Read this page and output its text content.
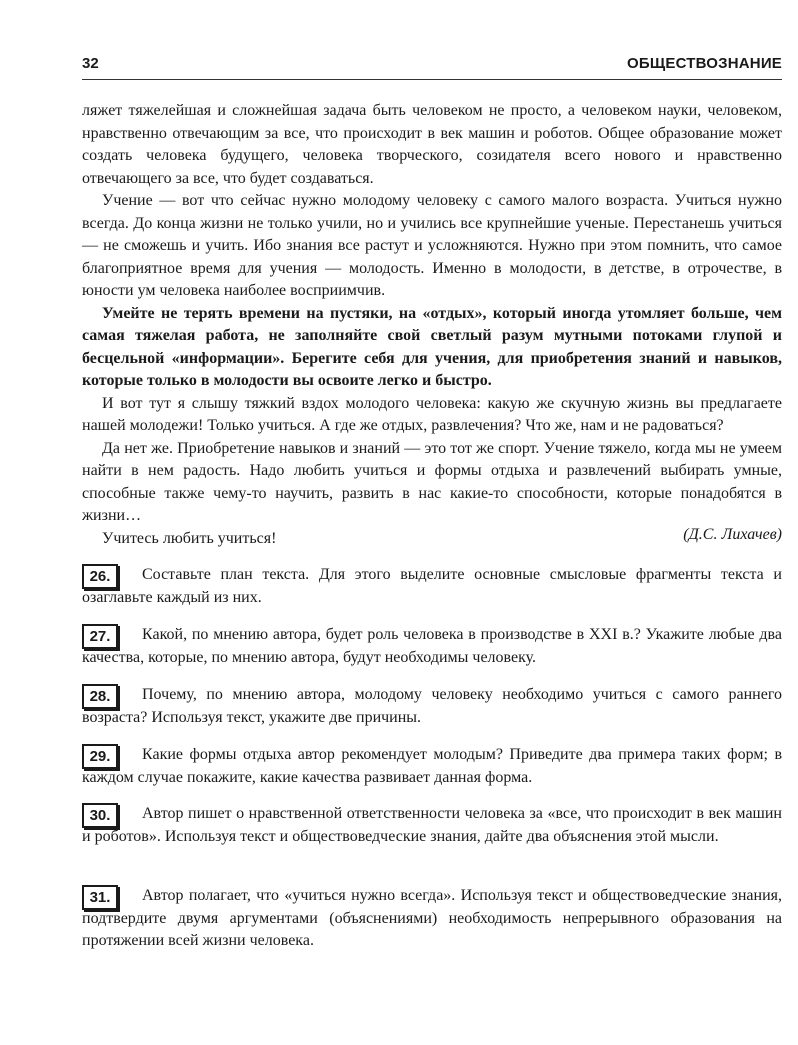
32	ОБЩЕСТВОЗНАНИЕ

ляжет тяжелейшая и сложнейшая задача быть человеком не просто, а человеком науки, человеком, нравственно отвечающим за все, что происходит в век машин и роботов. Общее образование может создать человека будущего, человека творческого, созидателя всего нового и нравственно отвечающего за все, что будет создаваться.

Учение — вот что сейчас нужно молодому человеку с самого малого возраста. Учиться нужно всегда. До конца жизни не только учили, но и учились все крупнейшие ученые. Перестанешь учиться — не сможешь и учить. Ибо знания все растут и усложняются. Нужно при этом помнить, что самое благоприятное время для учения — молодость. Именно в молодости, в детстве, в отрочестве, в юности ум человека наиболее восприимчив.

Умейте не терять времени на пустяки, на «отдых», который иногда утомляет больше, чем самая тяжелая работа, не заполняйте свой светлый разум мутными потоками глупой и бесцельной «информации». Берегите себя для учения, для приобретения знаний и навыков, которые только в молодости вы освоите легко и быстро.

И вот тут я слышу тяжкий вздох молодого человека: какую же скучную жизнь вы предлагаете нашей молодежи! Только учиться. А где же отдых, развлечения? Что же, нам и не радоваться?

Да нет же. Приобретение навыков и знаний — это тот же спорт. Учение тяжело, когда мы не умеем найти в нем радость. Надо любить учиться и формы отдыха и развлечений выбирать умные, способные также чему-то научить, развить в нас какие-то способности, которые понадобятся в жизни…

Учитесь любить учиться!	(Д.С. Лихачев)
26.	Составьте план текста. Для этого выделите основные смысловые фрагменты текста и озаглавьте каждый из них.
27.	Какой, по мнению автора, будет роль человека в производстве в XXI в.? Укажите любые два качества, которые, по мнению автора, будут необходимы человеку.
28.	Почему, по мнению автора, молодому человеку необходимо учиться с самого раннего возраста? Используя текст, укажите две причины.
29.	Какие формы отдыха автор рекомендует молодым? Приведите два примера таких форм; в каждом случае покажите, какие качества развивает данная форма.
30.	Автор пишет о нравственной ответственности человека за «все, что происходит в век машин и роботов». Используя текст и обществоведческие знания, дайте два объяснения этой мысли.
31.	Автор полагает, что «учиться нужно всегда». Используя текст и обществоведческие знания, подтвердите двумя аргументами (объяснениями) необходимость непрерывного образования на протяжении всей жизни человека.
